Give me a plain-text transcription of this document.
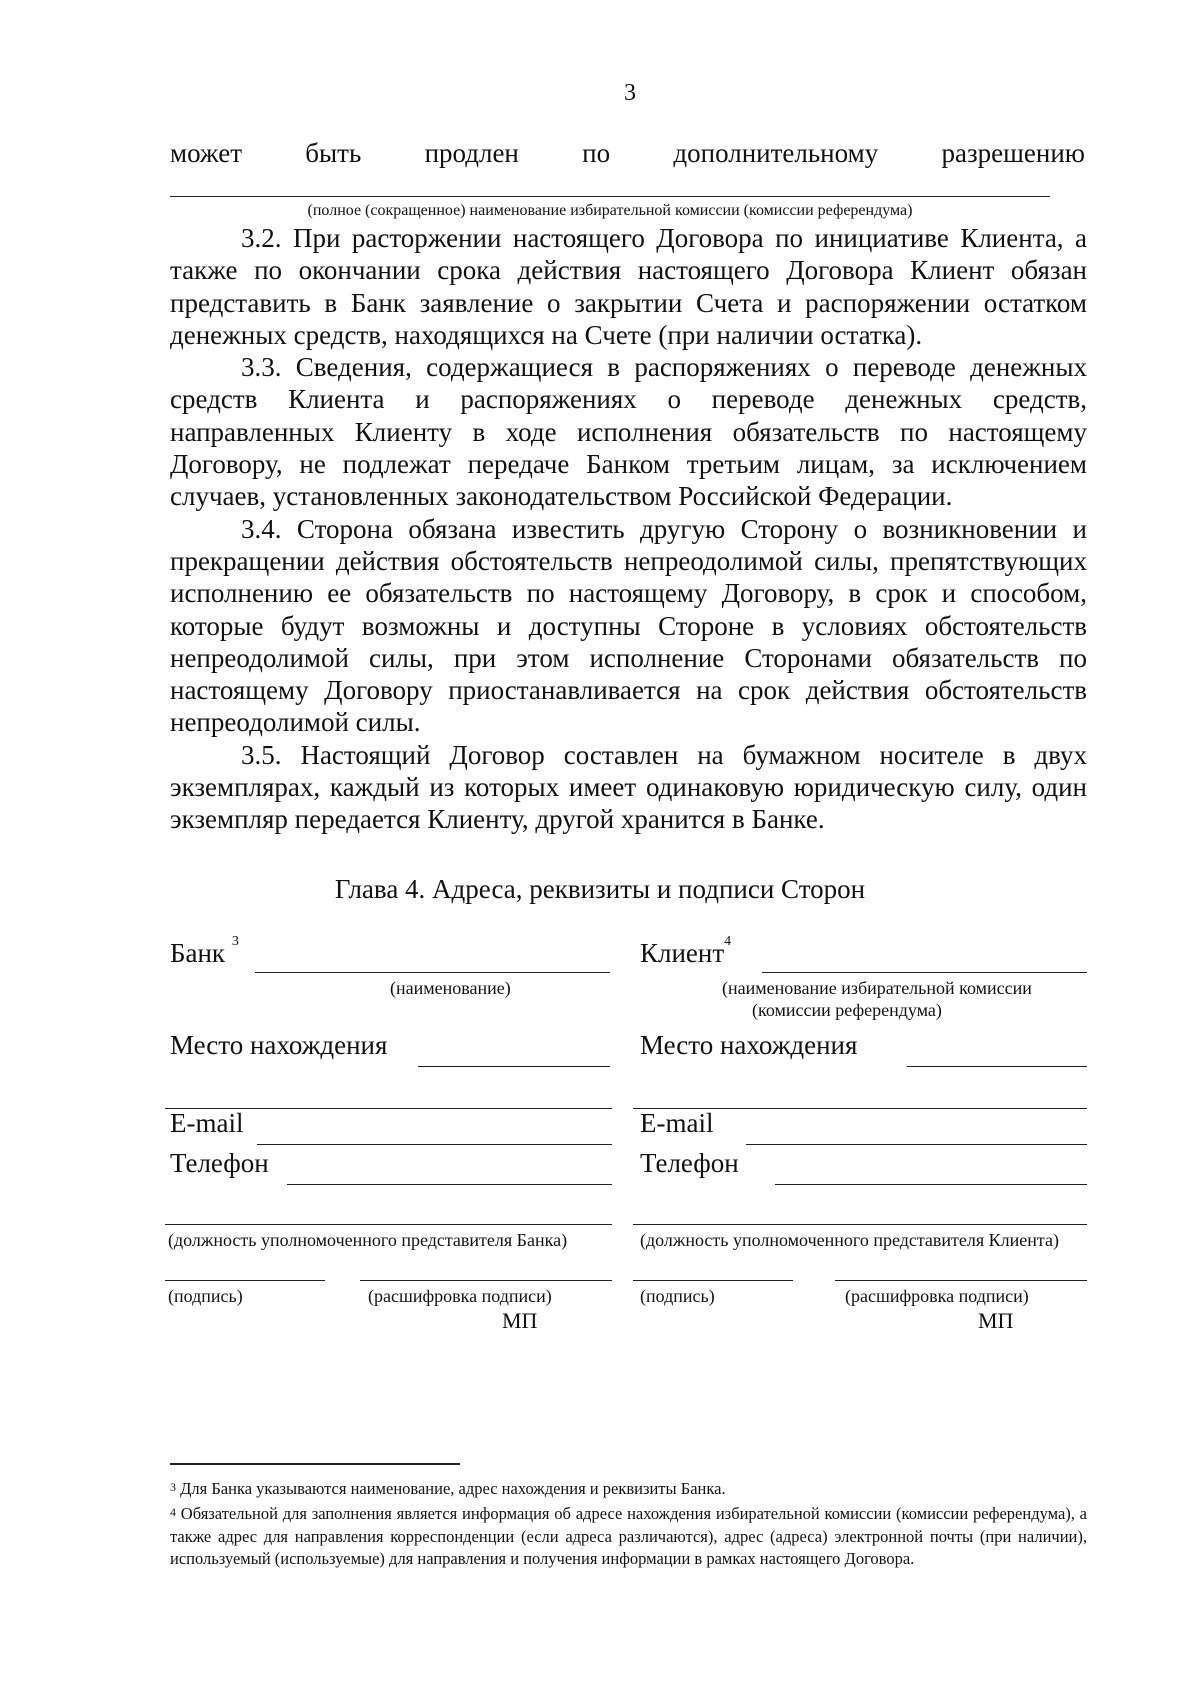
3
может быть продлен по дополнительному разрешению
(полное (сокращенное) наименование избирательной комиссии (комиссии референдума)

3.2. При расторжении настоящего Договора по инициативе Клиента, а также по окончании срока действия настоящего Договора Клиент обязан представить в Банк заявление о закрытии Счета и распоряжении остатком денежных средств, находящихся на Счете (при наличии остатка).

3.3. Сведения, содержащиеся в распоряжениях о переводе денежных средств Клиента и распоряжениях о переводе денежных средств, направленных Клиенту в ходе исполнения обязательств по настоящему Договору, не подлежат передаче Банком третьим лицам, за исключением случаев, установленных законодательством Российской Федерации.

3.4. Сторона обязана известить другую Сторону о возникновении и прекращении действия обстоятельств непреодолимой силы, препятствующих исполнению ее обязательств по настоящему Договору, в срок и способом, которые будут возможны и доступны Стороне в условиях обстоятельств непреодолимой силы, при этом исполнение Сторонами обязательств по настоящему Договору приостанавливается на срок действия обстоятельств непреодолимой силы.

3.5. Настоящий Договор составлен на бумажном носителе в двух экземплярах, каждый из которых имеет одинаковую юридическую силу, один экземпляр передается Клиенту, другой хранится в Банке.

Глава 4. Адреса, реквизиты и подписи Сторон
Банк $^3$
(наименование)
Место нахождения
E-mail
Телефон
(должность уполномоченного представителя Банка)
(подпись)	(расшифровка подписи)
МП
Клиент$^4$
(наименование избирательной комиссии
(комиссии референдума)
Место нахождения
E-mail
Телефон
(должность уполномоченного представителя Клиента)
(подпись)	(расшифровка подписи)
МП
$^3$ Для Банка указываются наименование, адрес нахождения и реквизиты Банка.
$^4$ Обязательной для заполнения является информация об адресе нахождения избирательной комиссии (комиссии референдума), а также адрес для направления корреспонденции (если адреса различаются), адрес (адреса) электронной почты (при наличии), используемый (используемые) для направления и получения информации в рамках настоящего Договора.
